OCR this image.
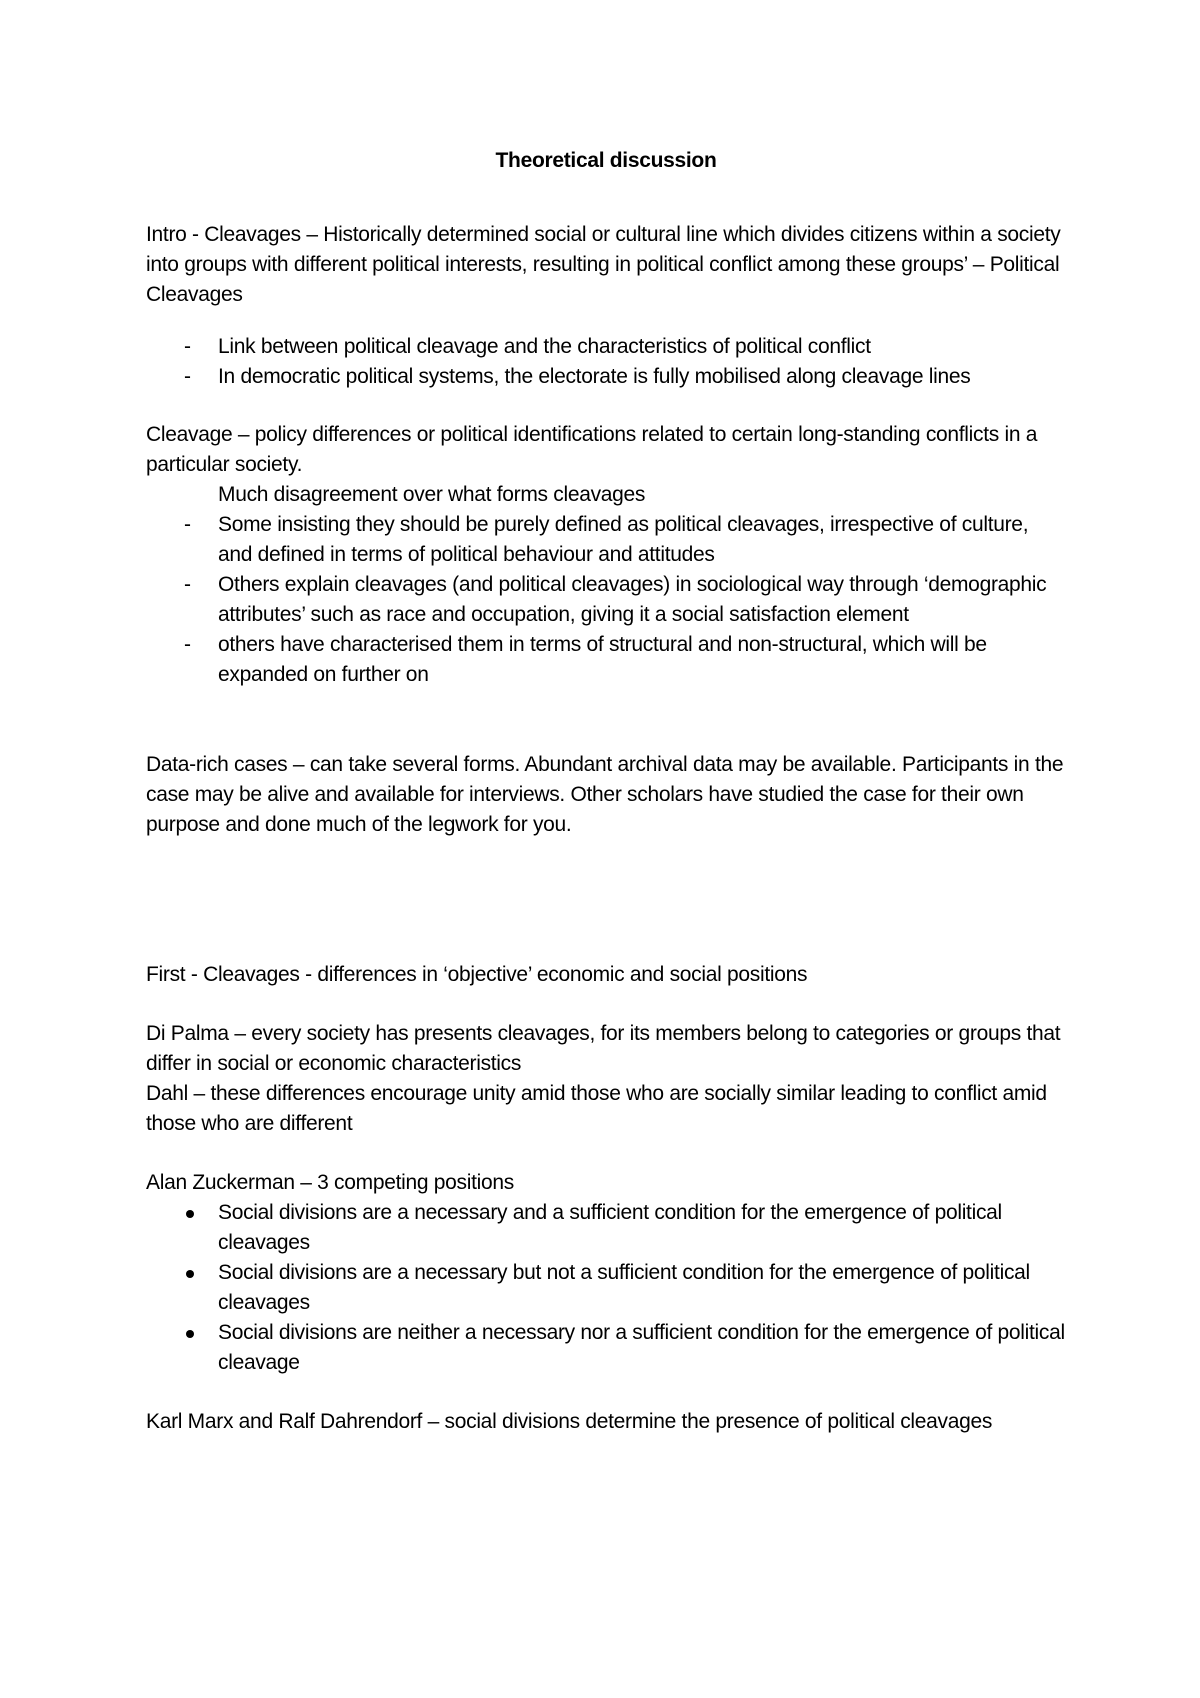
Theoretical discussion

Intro - Cleavages – Historically determined social or cultural line which divides citizens within a society into groups with different political interests, resulting in political conflict among these groups’ – Political Cleavages

- Link between political cleavage and the characteristics of political conflict
- In democratic political systems, the electorate is fully mobilised along cleavage lines

Cleavage – policy differences or political identifications related to certain long-standing conflicts in a particular society.

Much disagreement over what forms cleavages

- Some insisting they should be purely defined as political cleavages, irrespective of culture, and defined in terms of political behaviour and attitudes
- Others explain cleavages (and political cleavages) in sociological way through ‘demographic attributes’ such as race and occupation, giving it a social satisfaction element
- others have characterised them in terms of structural and non-structural, which will be expanded on further on

Data-rich cases – can take several forms. Abundant archival data may be available. Participants in the case may be alive and available for interviews. Other scholars have studied the case for their own purpose and done much of the legwork for you.

First - Cleavages - differences in ‘objective’ economic and social positions

Di Palma – every society has presents cleavages, for its members belong to categories or groups that differ in social or economic characteristics

Dahl – these differences encourage unity amid those who are socially similar leading to conflict amid those who are different

Alan Zuckerman – 3 competing positions

Social divisions are a necessary and a sufficient condition for the emergence of political cleavages
Social divisions are a necessary but not a sufficient condition for the emergence of political cleavages
Social divisions are neither a necessary nor a sufficient condition for the emergence of political cleavage

Karl Marx and Ralf Dahrendorf – social divisions determine the presence of political cleavages
